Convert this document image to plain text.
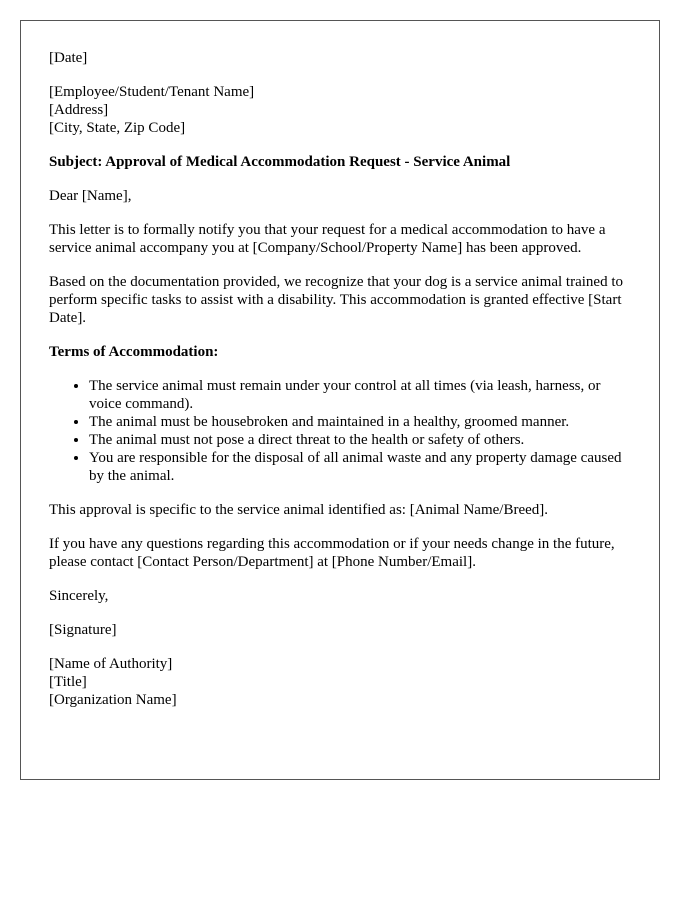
[Date]
[Employee/Student/Tenant Name]
[Address]
[City, State, Zip Code]
Subject: Approval of Medical Accommodation Request - Service Animal
Dear [Name],
This letter is to formally notify you that your request for a medical accommodation to have a service animal accompany you at [Company/School/Property Name] has been approved.
Based on the documentation provided, we recognize that your dog is a service animal trained to perform specific tasks to assist with a disability. This accommodation is granted effective [Start Date].
Terms of Accommodation:
• The service animal must remain under your control at all times (via leash, harness, or voice command).
• The animal must be housebroken and maintained in a healthy, groomed manner.
• The animal must not pose a direct threat to the health or safety of others.
• You are responsible for the disposal of all animal waste and any property damage caused by the animal.
This approval is specific to the service animal identified as: [Animal Name/Breed].
If you have any questions regarding this accommodation or if your needs change in the future, please contact [Contact Person/Department] at [Phone Number/Email].
Sincerely,
[Signature]
[Name of Authority]
[Title]
[Organization Name]
